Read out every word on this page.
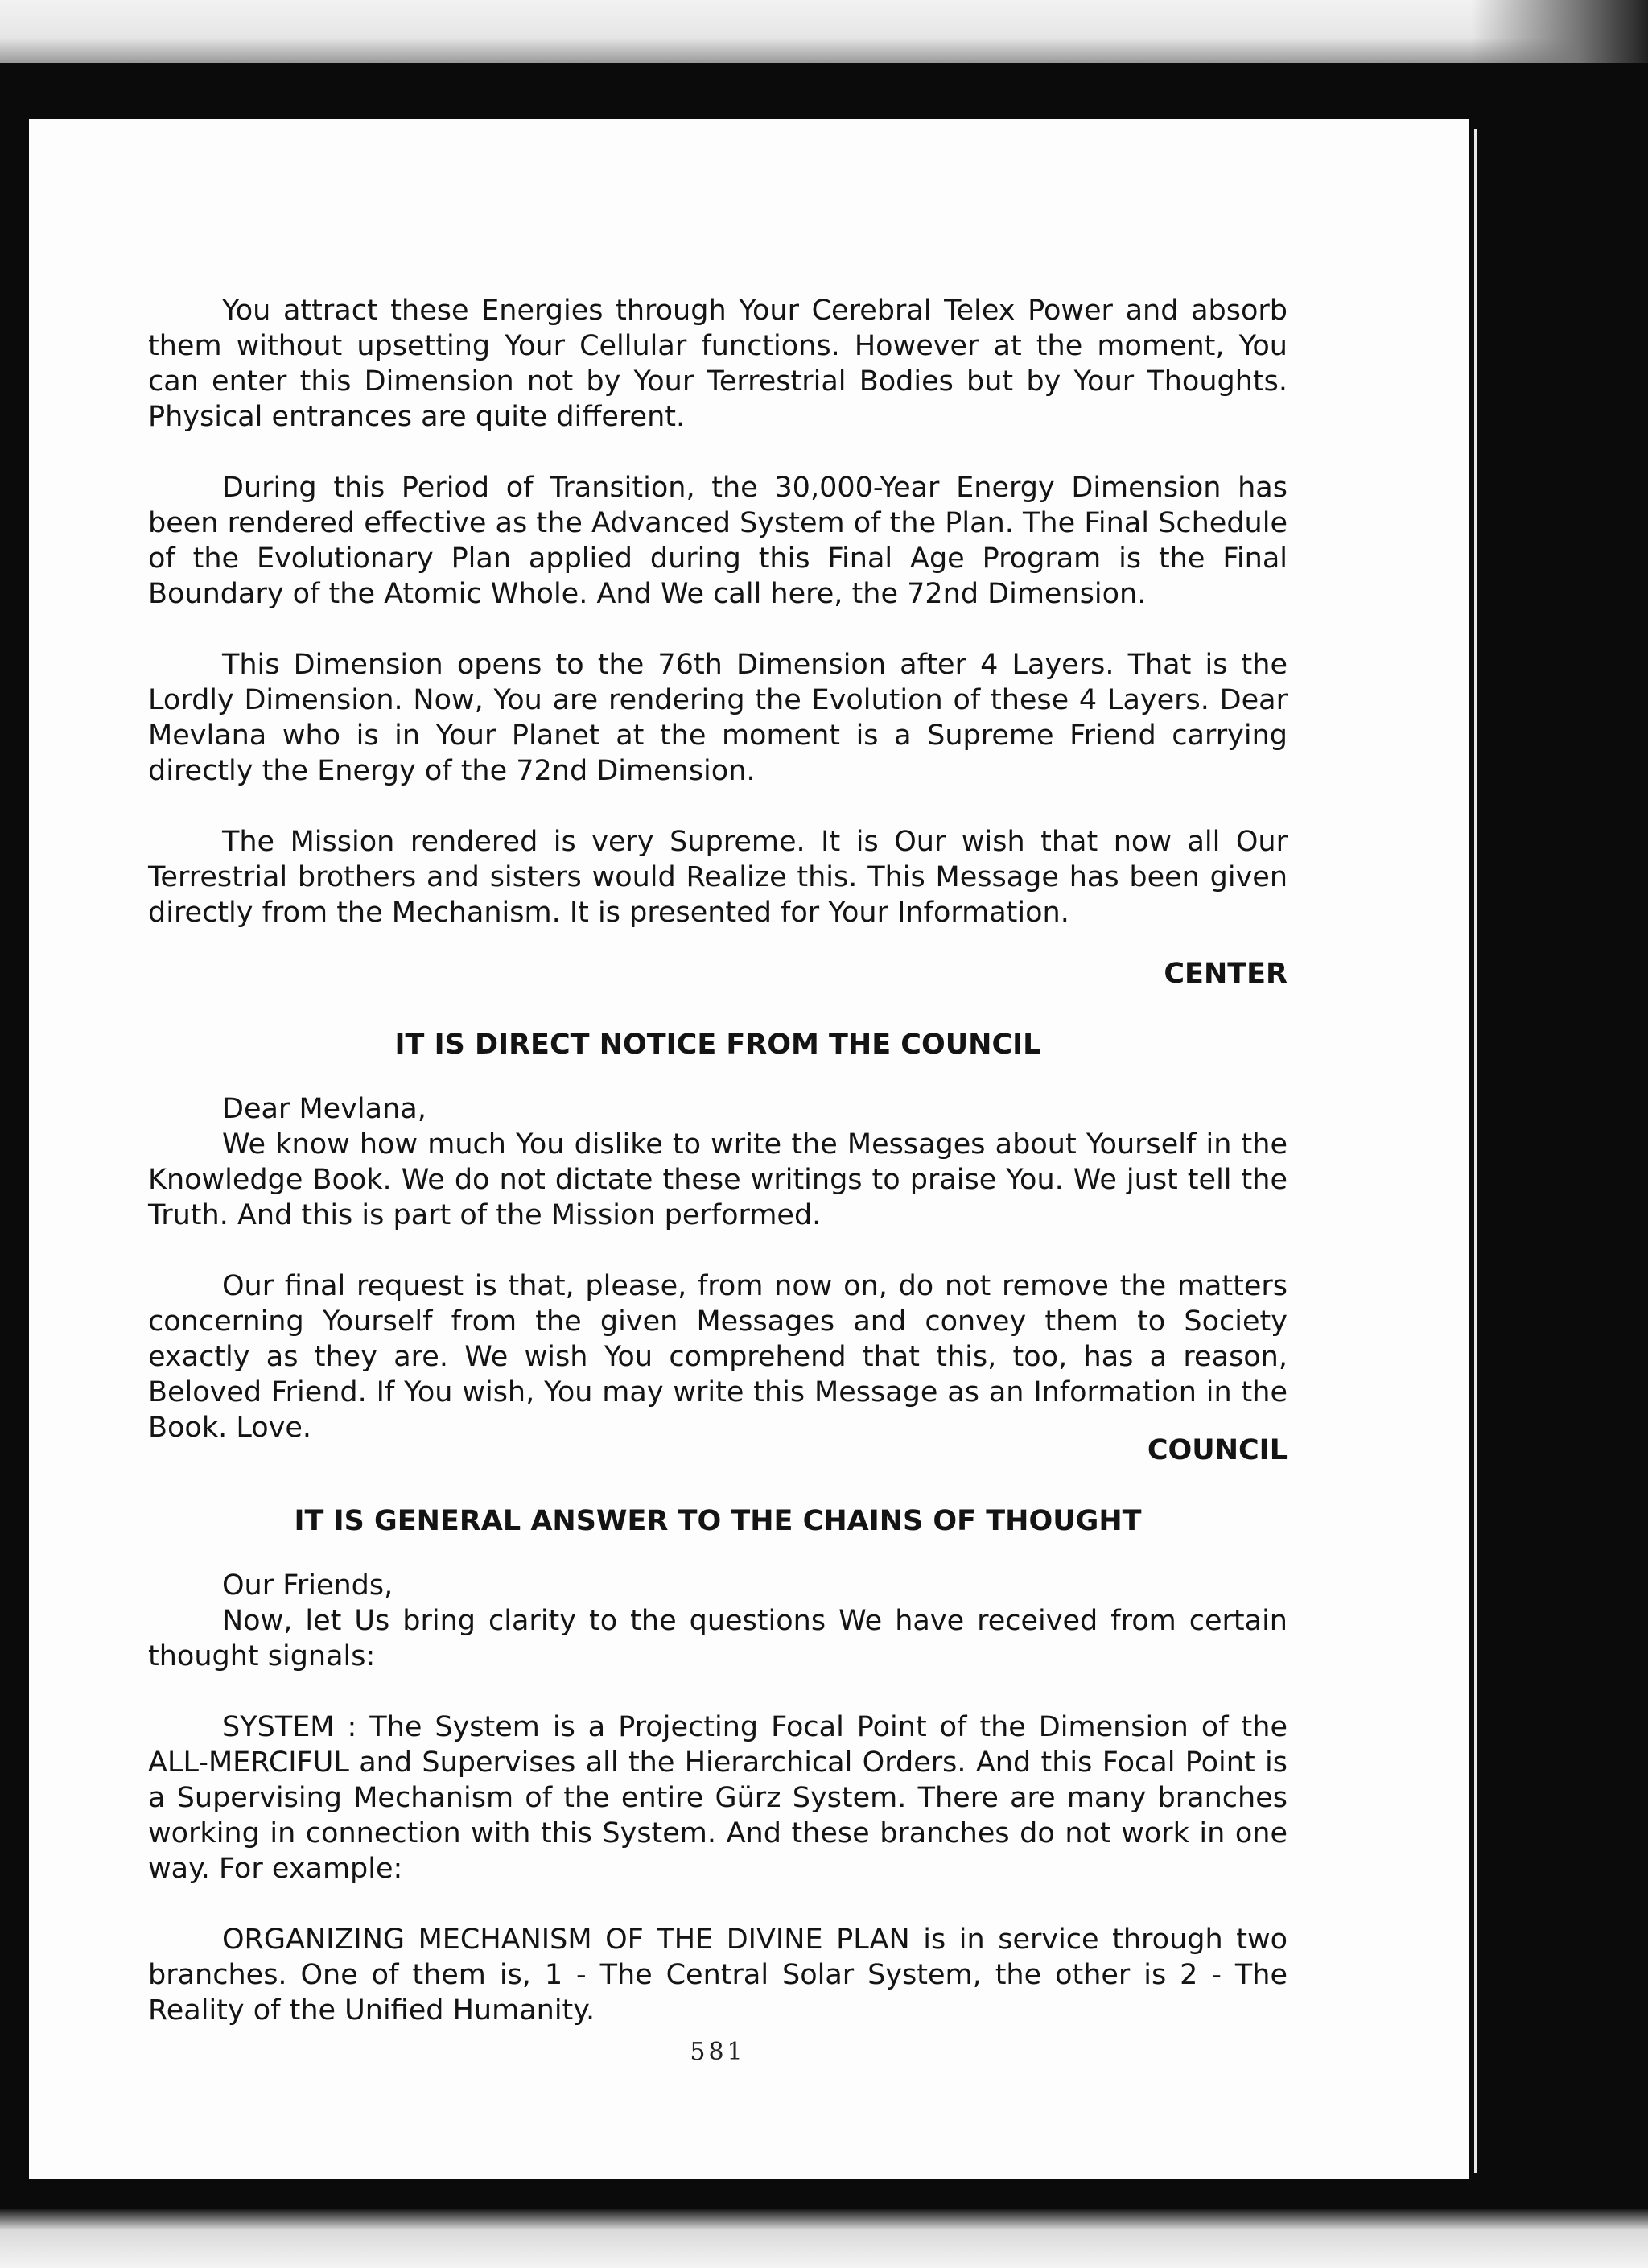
You attract these Energies through Your Cerebral Telex Power and absorb them without upsetting Your Cellular functions. However at the moment, You can enter this Dimension not by Your Terrestrial Bodies but by Your Thoughts. Physical entrances are quite different.

During this Period of Transition, the 30,000-Year Energy Dimension has been rendered effective as the Advanced System of the Plan. The Final Schedule of the Evolutionary Plan applied during this Final Age Program is the Final Boundary of the Atomic Whole. And We call here, the 72nd Dimension.

This Dimension opens to the 76th Dimension after 4 Layers. That is the Lordly Dimension. Now, You are rendering the Evolution of these 4 Layers. Dear Mevlana who is in Your Planet at the moment is a Supreme Friend carrying directly the Energy of the 72nd Dimension.

The Mission rendered is very Supreme. It is Our wish that now all Our Terrestrial brothers and sisters would Realize this. This Message has been given directly from the Mechanism. It is presented for Your Information.

CENTER
IT IS DIRECT NOTICE FROM THE COUNCIL

Dear Mevlana,

We know how much You dislike to write the Messages about Yourself in the Knowledge Book. We do not dictate these writings to praise You. We just tell the Truth. And this is part of the Mission performed.

Our final request is that, please, from now on, do not remove the matters concerning Yourself from the given Messages and convey them to Society exactly as they are. We wish You comprehend that this, too, has a reason, Beloved Friend. If You wish, You may write this Message as an Information in the Book. Love.

COUNCIL
IT IS GENERAL ANSWER TO THE CHAINS OF THOUGHT

Our Friends,

Now, let Us bring clarity to the questions We have received from certain thought signals:

SYSTEM : The System is a Projecting Focal Point of the Dimension of the ALL-MERCIFUL and Supervises all the Hierarchical Orders. And this Focal Point is a Supervising Mechanism of the entire Gürz System. There are many branches working in connection with this System. And these branches do not work in one way. For example:

ORGANIZING MECHANISM OF THE DIVINE PLAN is in service through two branches. One of them is, 1 - The Central Solar System, the other is 2 - The Reality of the Unified Humanity.

581
